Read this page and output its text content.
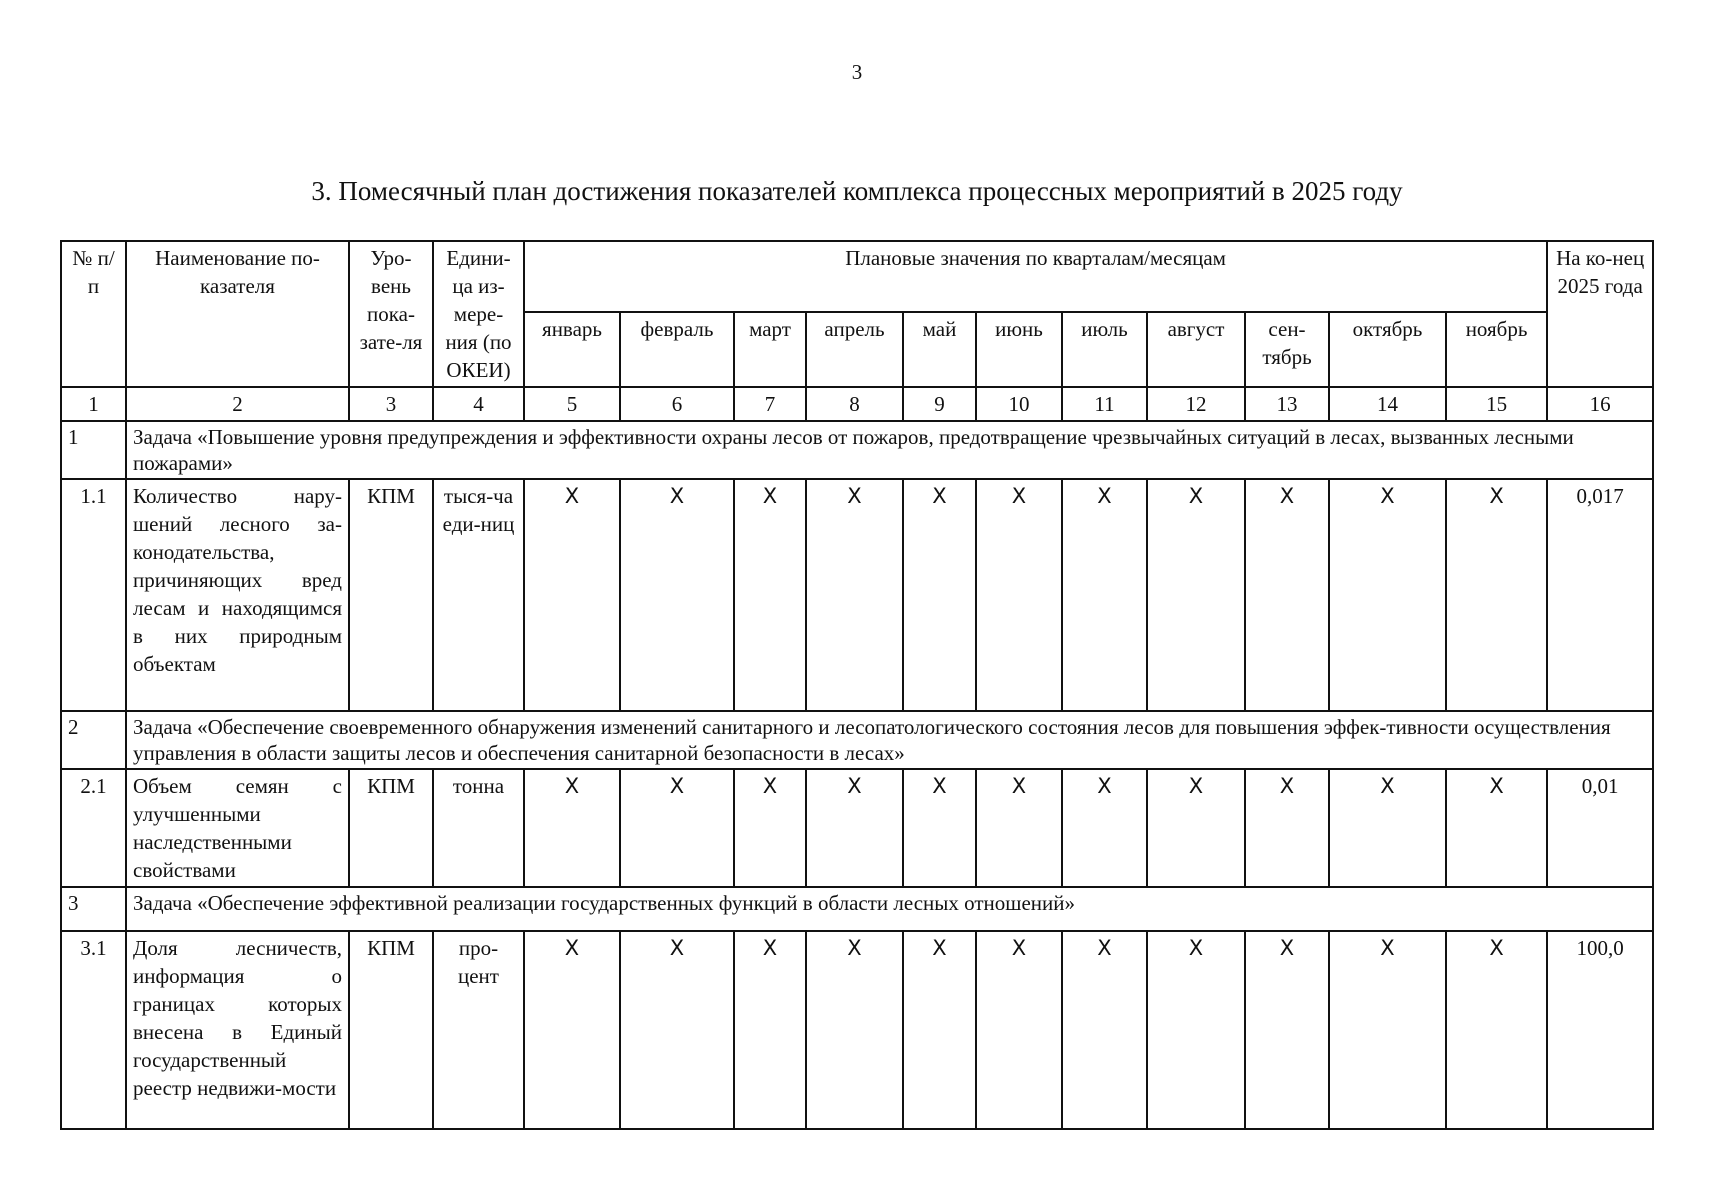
3
3. Помесячный план достижения показателей комплекса процессных мероприятий в 2025 году
№ п/п	Наименование по-казателя	Уро-вень пока-зате-ля	Едини-ца из-мере-ния (по ОКЕИ)	Плановые значения по кварталам/месяцам											На ко-нец 2025 года
				январь	февраль	март	апрель	май	июнь	июль	август	сен-тябрь	октябрь	ноябрь	
1	2	3	4	5	6	7	8	9	10	11	12	13	14	15	16
1	Задача «Повышение уровня предупреждения и эффективности охраны лесов от пожаров, предотвращение чрезвычайных ситуаций в лесах, вызванных лесными пожарами»														
1.1	Количество нару-шений лесного за-конодательства, причиняющих вред лесам и находящимся в них природным объектам	КПМ	тыся-ча еди-ниц	X	X	X	X	X	X	X	X	X	X	X	0,017
2	Задача «Обеспечение своевременного обнаружения изменений санитарного и лесопатологического состояния лесов для повышения эффек-тивности осуществления управления в области защиты лесов и обеспечения санитарной безопасности в лесах»														
2.1	Объем семян с улучшенными наследственными свойствами	КПМ	тонна	X	X	X	X	X	X	X	X	X	X	X	0,01
3	Задача «Обеспечение эффективной реализации государственных функций в области лесных отношений»														
3.1	Доля лесничеств, информация о границах которых внесена в Единый государственный реестр недвижи-мости	КПМ	про-цент	X	X	X	X	X	X	X	X	X	X	X	100,0
